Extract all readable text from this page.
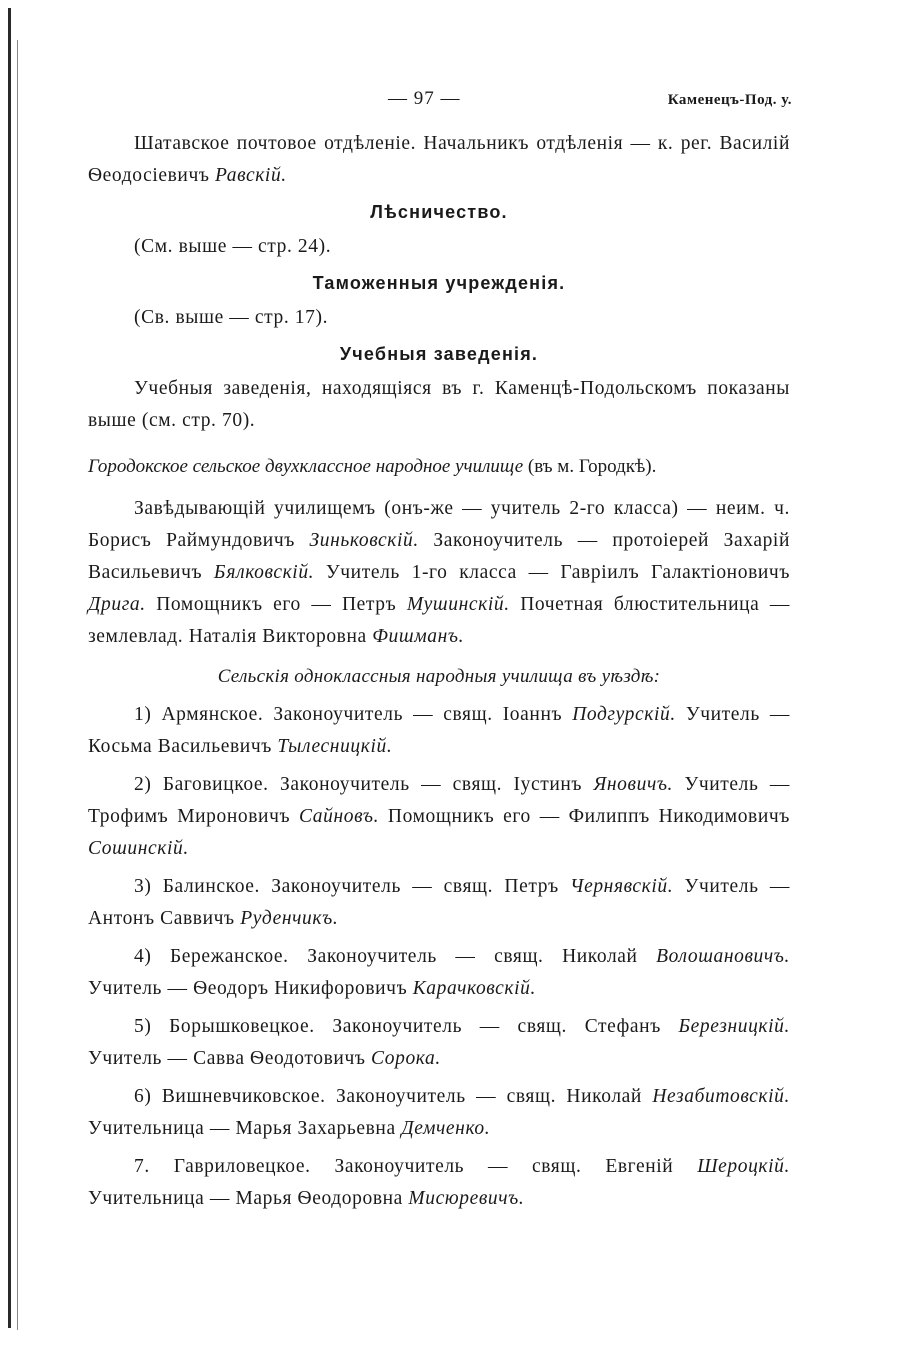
— 97 —	Каменецъ-Под. у.

Шатавское почтовое отдѣленіе. Начальникъ отдѣленія — к. рег. Василій Ѳеодосіевичъ Равскій.

Лѣсничество.

(См. выше — стр. 24).

Таможенныя учрежденія.

(Св. выше — стр. 17).

Учебныя заведенія.

Учебныя заведенія, находящіяся въ г. Каменцѣ-Подольскомъ показаны выше (см. стр. 70).

Городокское сельское двухклассное народное училище (въ м. Городкѣ).

Завѣдывающій училищемъ (онъ-же — учитель 2-го класса) — неим. ч. Борисъ Раймундовичъ Зиньковскій. Законоучитель — протоіерей Захарій Васильевичъ Бялковскій. Учитель 1-го класса — Гавріилъ Галактіоновичъ Дрига. Помощникъ его — Петръ Мушинскій. Почетная блюстительница — землевлад. Наталія Викторовна Фишманъ.

Сельскія одноклассныя народныя училища въ уѣздѣ:

1) Армянское. Законоучитель — свящ. Іоаннъ Подгурскій. Учитель — Косьма Васильевичъ Тылесницкій.

2) Баговицкое. Законоучитель — свящ. Іустинъ Яновичъ. Учитель — Трофимъ Мироновичъ Сайновъ. Помощникъ его — Филиппъ Никодимовичъ Сошинскій.

3) Балинское. Законоучитель — свящ. Петръ Чернявскій. Учитель — Антонъ Саввичъ Руденчикъ.

4) Бережанское. Законоучитель — свящ. Николай Волошановичъ. Учитель — Ѳеодоръ Никифоровичъ Карачковскій.

5) Борышковецкое. Законоучитель — свящ. Стефанъ Березницкій. Учитель — Савва Ѳеодотовичъ Сорока.

6) Вишневчиковское. Законоучитель — свящ. Николай Незабитовскій. Учительница — Марья Захарьевна Демченко.

7. Гавриловецкое. Законоучитель — свящ. Евгеній Шероцкій. Учительница — Марья Ѳеодоровна Мисюревичъ.
